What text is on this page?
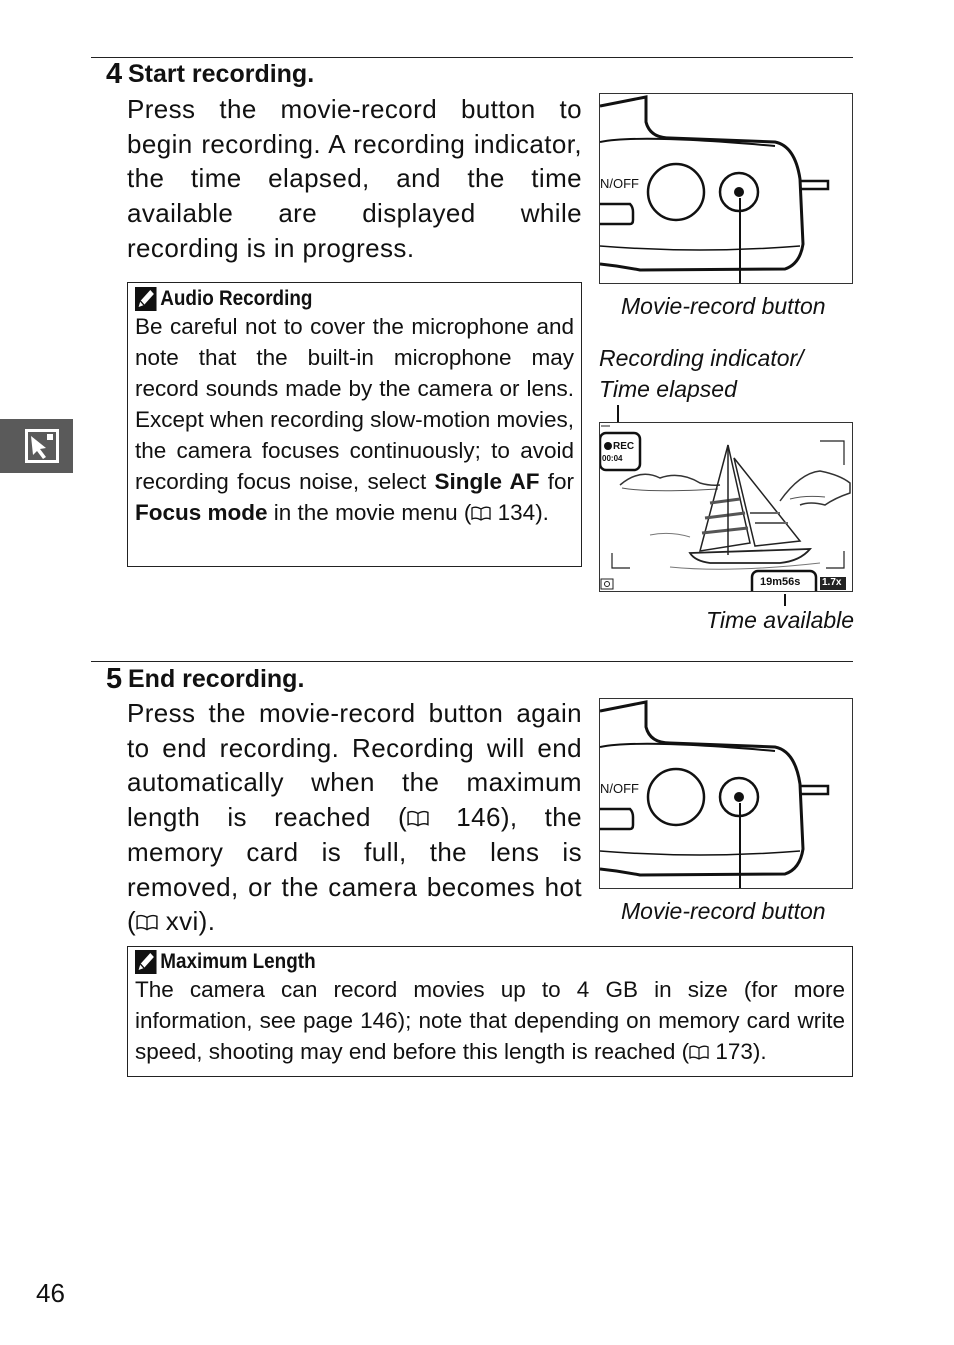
4 Start recording.
Press the movie-record button to begin recording. A recording indicator, the time elapsed, and the time available are displayed while recording is in progress.
Audio Recording
Be careful not to cover the microphone and note that the built-in microphone may record sounds made by the camera or lens. Except when recording slow-motion movies, the camera focuses continuously; to avoid recording focus noise, select Single AF for Focus mode in the movie menu ( 134).
N/OFF
Movie-record button
Recording indicator/
Time elapsed
REC
00:04
19m56s 1.7x
Time available
5 End recording.
Press the movie-record button again to end recording. Recording will end automatically when the maximum length is reached ( 146), the memory card is full, the lens is removed, or the camera becomes hot ( xvi).
N/OFF
Movie-record button
Maximum Length
The camera can record movies up to 4 GB in size (for more information, see page 146); note that depending on memory card write speed, shooting may end before this length is reached ( 173).
46
